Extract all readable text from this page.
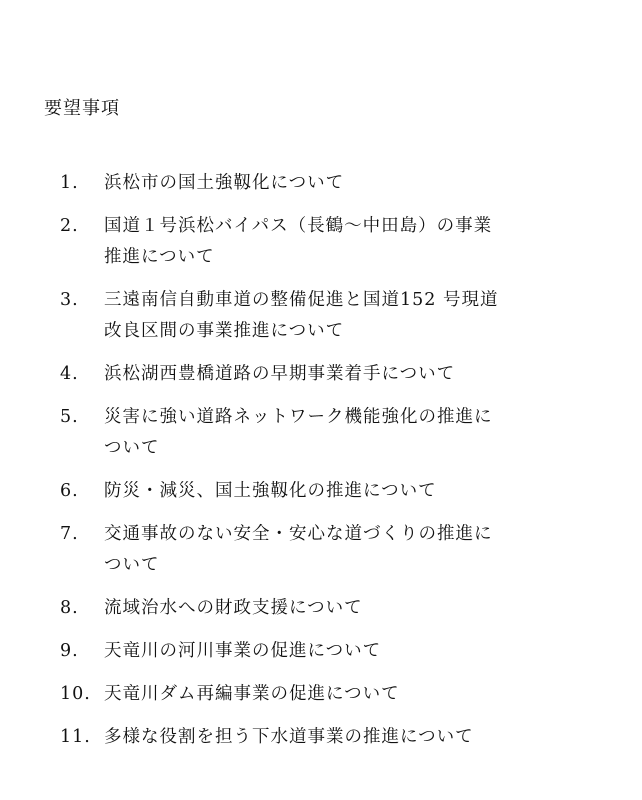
要望事項
1.	浜松市の国土強靱化について
2.	国道１号浜松バイパス（長鶴〜中田島）の事業
推進について
3.	三遠南信自動車道の整備促進と国道152 号現道
改良区間の事業推進について
4.	浜松湖西豊橋道路の早期事業着手について
5.	災害に強い道路ネットワーク機能強化の推進に
ついて
6.	防災・減災、国土強靱化の推進について
7.	交通事故のない安全・安心な道づくりの推進に
ついて
8.	流域治水への財政支援について
9.	天竜川の河川事業の促進について
10. 天竜川ダム再編事業の促進について
11. 多様な役割を担う下水道事業の推進について
